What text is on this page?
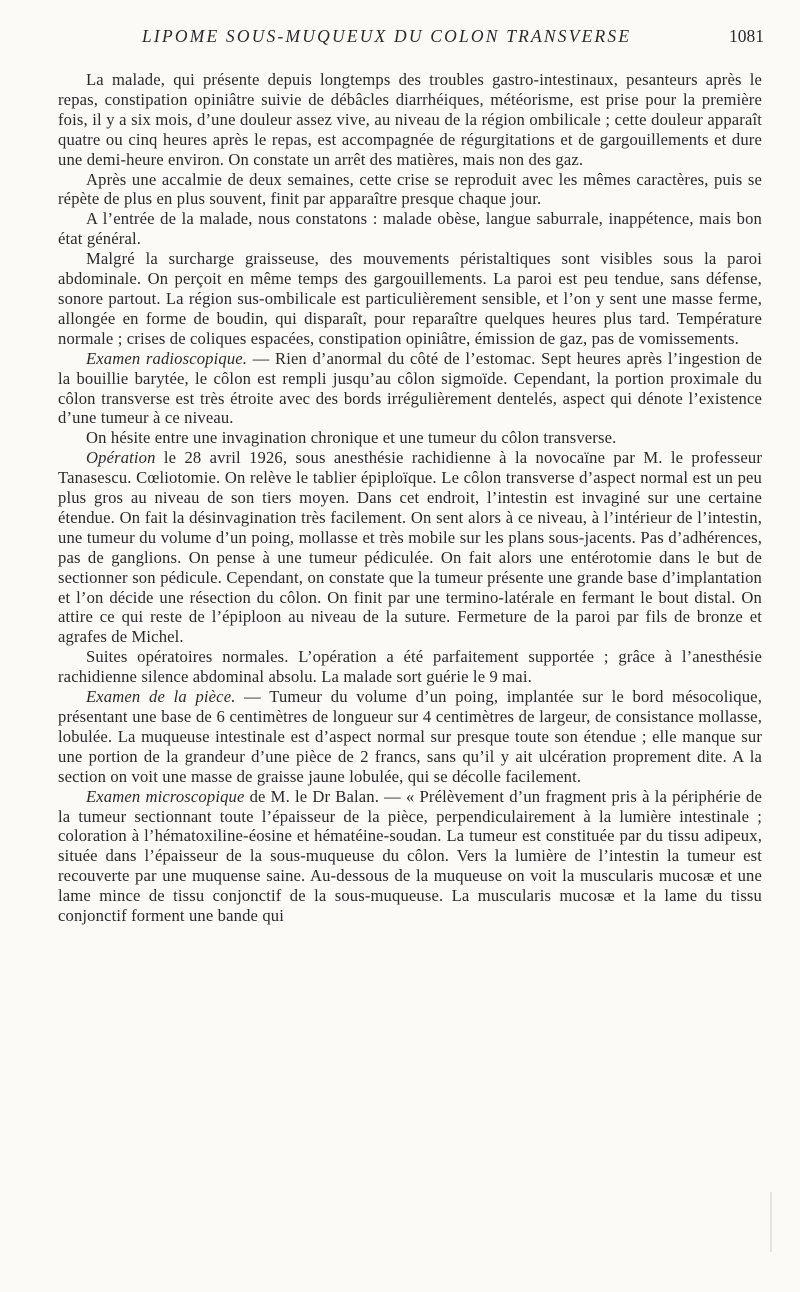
LIPOME SOUS-MUQUEUX DU COLON TRANSVERSE	1081

La malade, qui présente depuis longtemps des troubles gastro-intestinaux, pesanteurs après le repas, constipation opiniâtre suivie de débâcles diarrhéiques, météorisme, est prise pour la première fois, il y a six mois, d’une douleur assez vive, au niveau de la région ombilicale ; cette douleur apparaît quatre ou cinq heures après le repas, est accompagnée de régurgitations et de gargouillements et dure une demi-heure environ. On constate un arrêt des matières, mais non des gaz.

Après une accalmie de deux semaines, cette crise se reproduit avec les mêmes caractères, puis se répète de plus en plus souvent, finit par apparaître presque chaque jour.

A l’entrée de la malade, nous constatons : malade obèse, langue saburrale, inappétence, mais bon état général.

Malgré la surcharge graisseuse, des mouvements péristaltiques sont visibles sous la paroi abdominale. On perçoit en même temps des gargouillements. La paroi est peu tendue, sans défense, sonore partout. La région sus-ombilicale est particulièrement sensible, et l’on y sent une masse ferme, allongée en forme de boudin, qui disparaît, pour reparaître quelques heures plus tard. Température normale ; crises de coliques espacées, constipation opiniâtre, émission de gaz, pas de vomissements.

Examen radioscopique. — Rien d’anormal du côté de l’estomac. Sept heures après l’ingestion de la bouillie barytée, le côlon est rempli jusqu’au côlon sigmoïde. Cependant, la portion proximale du côlon transverse est très étroite avec des bords irrégulièrement dentelés, aspect qui dénote l’existence d’une tumeur à ce niveau.

On hésite entre une invagination chronique et une tumeur du côlon transverse.

Opération le 28 avril 1926, sous anesthésie rachidienne à la novocaïne par M. le professeur Tanasescu. Cœliotomie. On relève le tablier épiploïque. Le côlon transverse d’aspect normal est un peu plus gros au niveau de son tiers moyen. Dans cet endroit, l’intestin est invaginé sur une certaine étendue. On fait la désinvagination très facilement. On sent alors à ce niveau, à l’intérieur de l’intestin, une tumeur du volume d’un poing, mollasse et très mobile sur les plans sous-jacents. Pas d’adhérences, pas de ganglions. On pense à une tumeur pédiculée. On fait alors une entérotomie dans le but de sectionner son pédicule. Cependant, on constate que la tumeur présente une grande base d’implantation et l’on décide une résection du côlon. On finit par une termino-latérale en fermant le bout distal. On attire ce qui reste de l’épiploon au niveau de la suture. Fermeture de la paroi par fils de bronze et agrafes de Michel.

Suites opératoires normales. L’opération a été parfaitement supportée ; grâce à l’anesthésie rachidienne silence abdominal absolu. La malade sort guérie le 9 mai.

Examen de la pièce. — Tumeur du volume d’un poing, implantée sur le bord mésocolique, présentant une base de 6 centimètres de longueur sur 4 centimètres de largeur, de consistance mollasse, lobulée. La muqueuse intestinale est d’aspect normal sur presque toute son étendue ; elle manque sur une portion de la grandeur d’une pièce de 2 francs, sans qu’il y ait ulcération proprement dite. A la section on voit une masse de graisse jaune lobulée, qui se décolle facilement.

Examen microscopique de M. le Dr Balan. — « Prélèvement d’un fragment pris à la périphérie de la tumeur sectionnant toute l’épaisseur de la pièce, perpendiculairement à la lumière intestinale ; coloration à l’hématoxiline-éosine et hématéine-soudan. La tumeur est constituée par du tissu adipeux, située dans l’épaisseur de la sous-muqueuse du côlon. Vers la lumière de l’intestin la tumeur est recouverte par une muquense saine. Au-dessous de la muqueuse on voit la muscularis mucosæ et une lame mince de tissu conjonctif de la sous-muqueuse. La muscularis mucosæ et la lame du tissu conjonctif forment une bande qui
